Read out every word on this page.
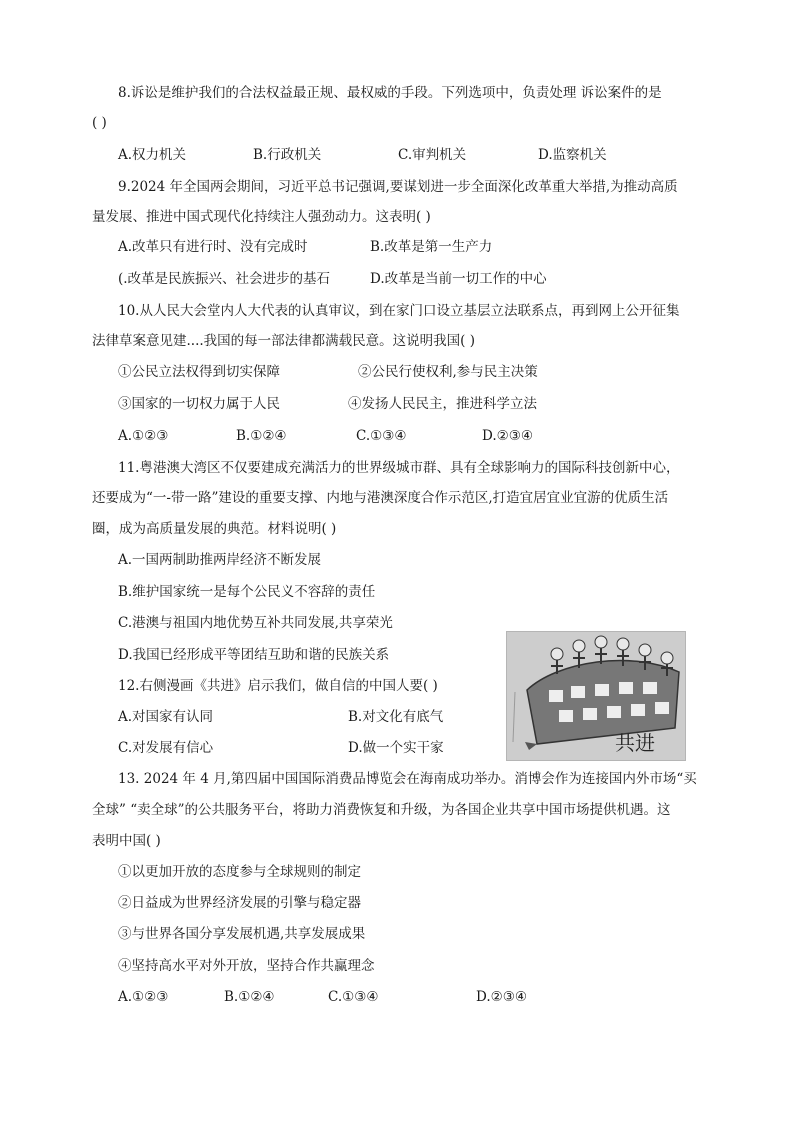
8.诉讼是维护我们的合法权益最正规、最权威的手段。下列选项中，负责处理 诉讼案件的是
( )
A.权力机关	B.行政机关	C.审判机关	D.监察机关
9.2024 年全国两会期间，习近平总书记强调,要谋划进一步全面深化改革重大举措,为推动高质
量发展、推进中国式现代化持续注人强劲动力。这表明( )
A.改革只有进行时、没有完成时	B.改革是第一生产力
(.改革是民族振兴、社会进步的基石	D.改革是当前一切工作的中心
10.从人民大会堂内人大代表的认真审议，到在家门口设立基层立法联系点，再到网上公开征集
法律草案意见建....我国的每一部法律都满载民意。这说明我国( )
①公民立法权得到切实保障	②公民行使权利,参与民主决策
③国家的一切权力属于人民	④发扬人民民主，推进科学立法
A.①②③	B.①②④	C.①③④	D.②③④
11.粤港澳大湾区不仅要建成充满活力的世界级城市群、具有全球影响力的国际科技创新中心，
还要成为“一-带一路”建设的重要支撑、内地与港澳深度合作示范区,打造宜居宜业宜游的优质生活
圈，成为高质量发展的典范。材料说明( )
A.一国两制助推两岸经济不断发展
B.维护国家统一是每个公民义不容辞的责任
C.港澳与祖国内地优势互补共同发展,共享荣光
D.我国已经形成平等团结互助和谐的民族关系
12.右侧漫画《共进》启示我们，做自信的中国人要( )
A.对国家有认同	B.对文化有底气
C.对发展有信心	D.做一个实干家	共进
13. 2024 年 4 月,第四届中国国际消费品博览会在海南成功举办。消博会作为连接国内外市场“买
全球” “卖全球”的公共服务平台，将助力消费恢复和升级，为各国企业共享中国市场提供机遇。这
表明中国( )
①以更加开放的态度参与全球规则的制定
②日益成为世界经济发展的引擎与稳定器
③与世界各国分享发展机遇,共享发展成果
④坚持高水平对外开放，坚持合作共赢理念
A.①②③	B.①②④	C.①③④	D.②③④
